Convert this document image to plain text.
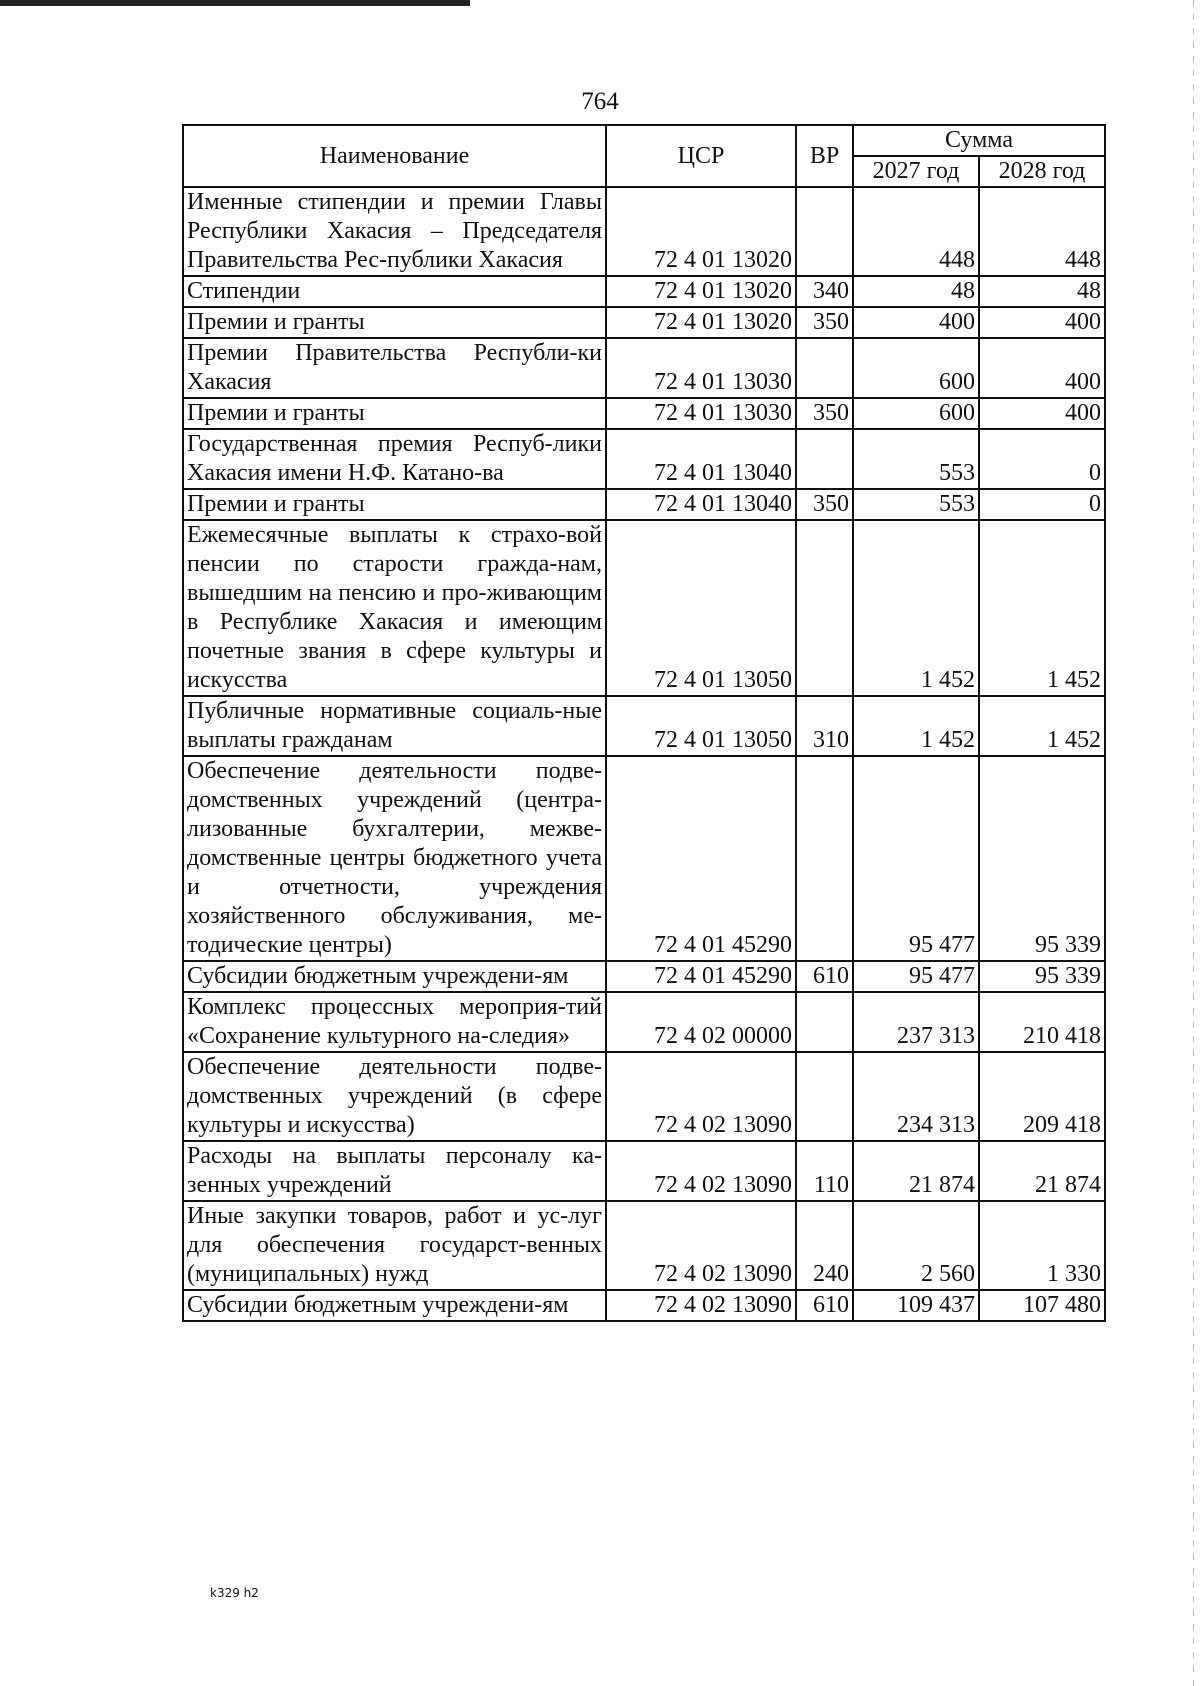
764
Наименование	ЦСР	ВР	Сумма	
			2027 год	2028 год
Именные стипендии и премии Главы Республики Хакасия – Председателя Правительства Рес-публики Хакасия	72 4 01 13020		448	448
Стипендии	72 4 01 13020	340	48	48
Премии и гранты	72 4 01 13020	350	400	400
Премии Правительства Республи-ки Хакасия	72 4 01 13030		600	400
Премии и гранты	72 4 01 13030	350	600	400
Государственная премия Респуб-лики Хакасия имени Н.Ф. Катано-ва	72 4 01 13040		553	0
Премии и гранты	72 4 01 13040	350	553	0
Ежемесячные выплаты к страхо-вой пенсии по старости гражда-нам, вышедшим на пенсию и про-живающим в Республике Хакасия и имеющим почетные звания в сфере культуры и искусства	72 4 01 13050		1 452	1 452
Публичные нормативные социаль-ные выплаты гражданам	72 4 01 13050	310	1 452	1 452
Обеспечение деятельности подве-домственных учреждений (центра-лизованные бухгалтерии, межве-домственные центры бюджетного учета и отчетности, учреждения хозяйственного обслуживания, ме-тодические центры)	72 4 01 45290		95 477	95 339
Субсидии бюджетным учреждени-ям	72 4 01 45290	610	95 477	95 339
Комплекс процессных мероприя-тий «Сохранение культурного на-следия»	72 4 02 00000		237 313	210 418
Обеспечение деятельности подве-домственных учреждений (в сфере культуры и искусства)	72 4 02 13090		234 313	209 418
Расходы на выплаты персоналу ка-зенных учреждений	72 4 02 13090	110	21 874	21 874
Иные закупки товаров, работ и ус-луг для обеспечения государст-венных (муниципальных) нужд	72 4 02 13090	240	2 560	1 330
Субсидии бюджетным учреждени-ям	72 4 02 13090	610	109 437	107 480
k329 h2
